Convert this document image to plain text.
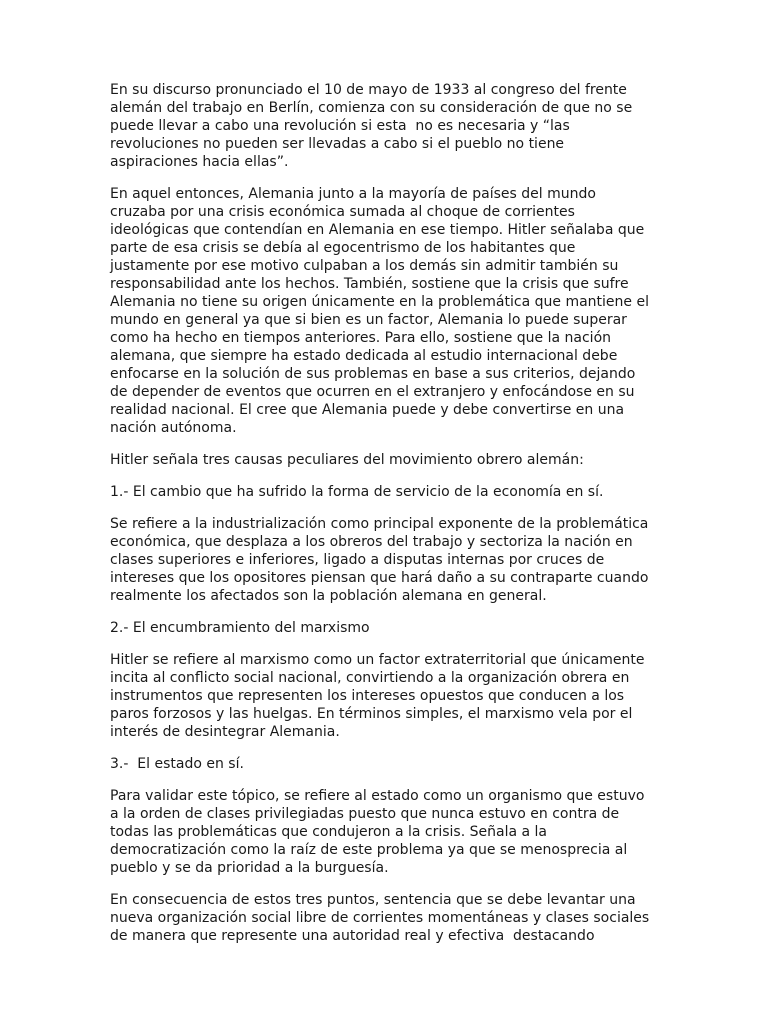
En su discurso pronunciado el 10 de mayo de 1933 al congreso del frente
alemán del trabajo en Berlín, comienza con su consideración de que no se
puede llevar a cabo una revolución si esta  no es necesaria y “las
revoluciones no pueden ser llevadas a cabo si el pueblo no tiene
aspiraciones hacia ellas”.

En aquel entonces, Alemania junto a la mayoría de países del mundo
cruzaba por una crisis económica sumada al choque de corrientes
ideológicas que contendían en Alemania en ese tiempo. Hitler señalaba que
parte de esa crisis se debía al egocentrismo de los habitantes que
justamente por ese motivo culpaban a los demás sin admitir también su
responsabilidad ante los hechos. También, sostiene que la crisis que sufre
Alemania no tiene su origen únicamente en la problemática que mantiene el
mundo en general ya que si bien es un factor, Alemania lo puede superar
como ha hecho en tiempos anteriores. Para ello, sostiene que la nación
alemana, que siempre ha estado dedicada al estudio internacional debe
enfocarse en la solución de sus problemas en base a sus criterios, dejando
de depender de eventos que ocurren en el extranjero y enfocándose en su
realidad nacional. El cree que Alemania puede y debe convertirse en una
nación autónoma.

Hitler señala tres causas peculiares del movimiento obrero alemán:

1.- El cambio que ha sufrido la forma de servicio de la economía en sí.

Se refiere a la industrialización como principal exponente de la problemática
económica, que desplaza a los obreros del trabajo y sectoriza la nación en
clases superiores e inferiores, ligado a disputas internas por cruces de
intereses que los opositores piensan que hará daño a su contraparte cuando
realmente los afectados son la población alemana en general.

2.- El encumbramiento del marxismo

Hitler se refiere al marxismo como un factor extraterritorial que únicamente
incita al conflicto social nacional, convirtiendo a la organización obrera en
instrumentos que representen los intereses opuestos que conducen a los
paros forzosos y las huelgas. En términos simples, el marxismo vela por el
interés de desintegrar Alemania.

3.-  El estado en sí.

Para validar este tópico, se refiere al estado como un organismo que estuvo
a la orden de clases privilegiadas puesto que nunca estuvo en contra de
todas las problemáticas que condujeron a la crisis. Señala a la
democratización como la raíz de este problema ya que se menosprecia al
pueblo y se da prioridad a la burguesía.

En consecuencia de estos tres puntos, sentencia que se debe levantar una
nueva organización social libre de corrientes momentáneas y clases sociales
de manera que represente una autoridad real y efectiva  destacando
